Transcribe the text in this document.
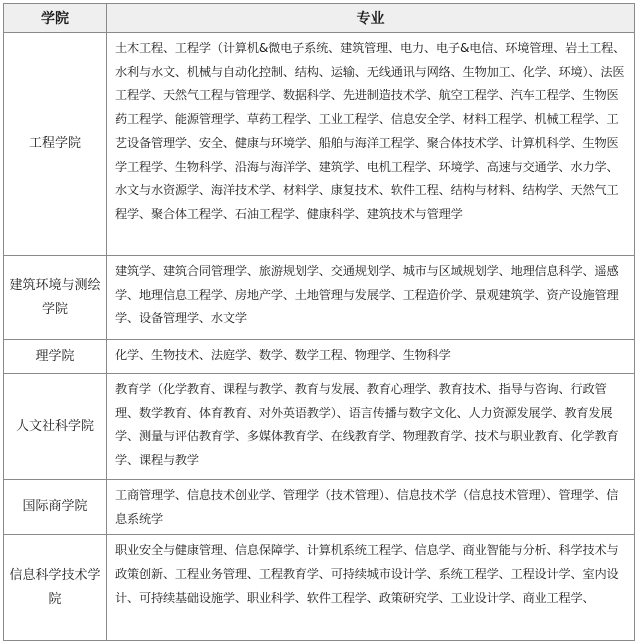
学院	专业
工程学院	土木工程、工程学（计算机&微电子系统、建筑管理、电力、电子&电信、环境管理、岩土工程、水利与水文、机械与自动化控制、结构、运输、无线通讯与网络、生物加工、化学、环境）、法医工程学、天然气工程与管理学、数据科学、先进制造技术学、航空工程学、汽车工程学、生物医药工程学、能源管理学、草药工程学、工业工程学、信息安全学、材料工程学、机械工程学、工艺设备管理学、安全、健康与环境学、船舶与海洋工程学、聚合体技术学、计算机科学、生物医学工程学、生物科学、沿海与海洋学、建筑学、电机工程学、环境学、高速与交通学、水力学、水文与水资源学、海洋技术学、材料学、康复技术、软件工程、结构与材料、结构学、天然气工程学、聚合体工程学、石油工程学、健康科学、建筑技术与管理学
建筑环境与测绘学院	建筑学、建筑合同管理学、旅游规划学、交通规划学、城市与区域规划学、地理信息科学、遥感学、地理信息工程学、房地产学、土地管理与发展学、工程造价学、景观建筑学、资产设施管理学、设备管理学、水文学
理学院	化学、生物技术、法庭学、数学、数学工程、物理学、生物科学
人文社科学院	教育学（化学教育、课程与教学、教育与发展、教育心理学、教育技术、指导与咨询、行政管理、数学教育、体育教育、对外英语教学）、语言传播与数字文化、人力资源发展学、教育发展学、测量与评估教育学、多媒体教育学、在线教育学、物理教育学、技术与职业教育、化学教育学、课程与教学
国际商学院	工商管理学、信息技术创业学、管理学（技术管理）、信息技术学（信息技术管理）、管理学、信息系统学
信息科学技术学院	职业安全与健康管理、信息保障学、计算机系统工程学、信息学、商业智能与分析、科学技术与政策创新、工程业务管理、工程教育学、可持续城市设计学、系统工程学、工程设计学、室内设计、可持续基础设施学、职业科学、软件工程学、政策研究学、工业设计学、商业工程学、
